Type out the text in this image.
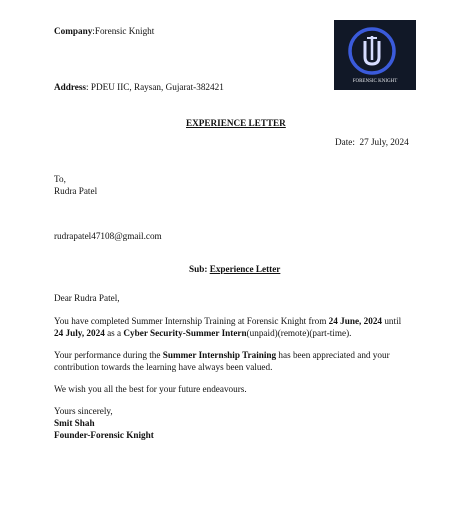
Company:Forensic Knight
FORENSIC KNIGHT
Address: PDEU IIC, Raysan, Gujarat-382421
EXPERIENCE LETTER
Date: 27 July, 2024
To,
Rudra Patel
rudrapatel47108@gmail.com
Sub: Experience Letter
Dear Rudra Patel,
You have completed Summer Internship Training at Forensic Knight from 24 June, 2024 until
24 July, 2024 as a Cyber Security-Summer Intern(unpaid)(remote)(part-time).
Your performance during the Summer Internship Training has been appreciated and your
contribution towards the learning have always been valued.
We wish you all the best for your future endeavours.
Yours sincerely,
Smit Shah
Founder-Forensic Knight
